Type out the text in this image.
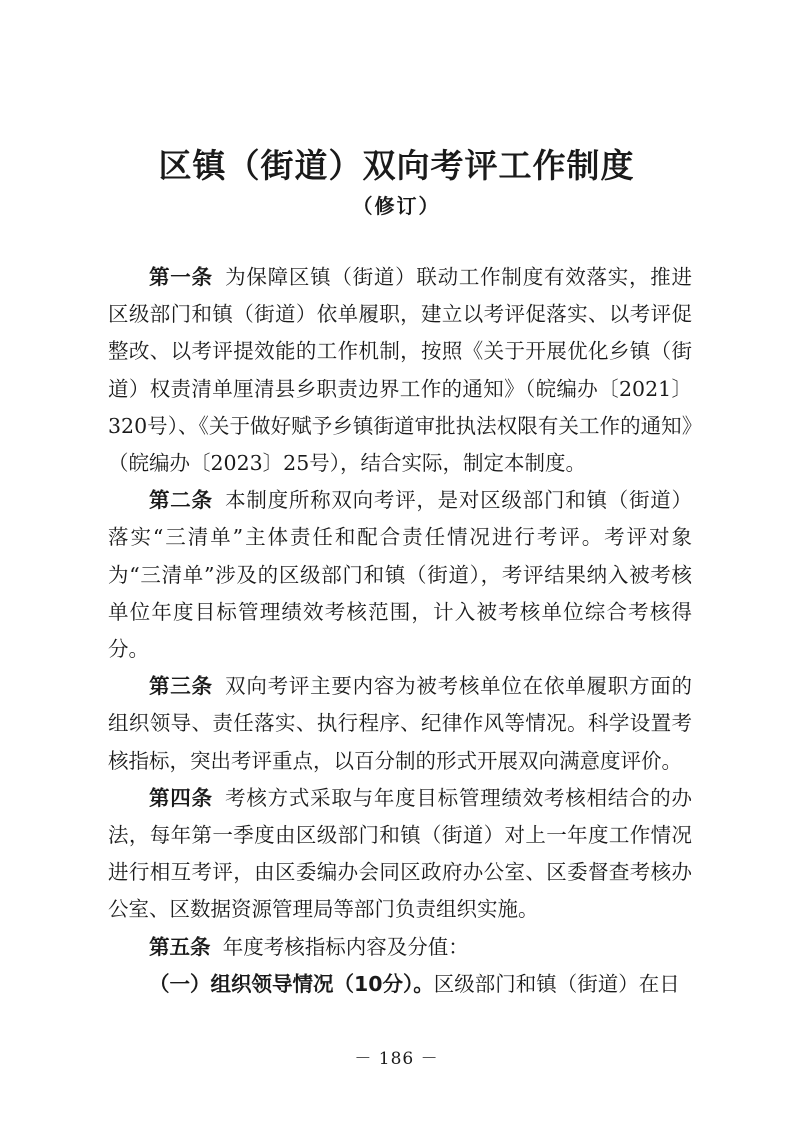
区镇（街道）双向考评工作制度
（修订）

第一条 为保障区镇（街道）联动工作制度有效落实，推进区级部门和镇（街道）依单履职，建立以考评促落实、以考评促整改、以考评提效能的工作机制，按照《关于开展优化乡镇（街道）权责清单厘清县乡职责边界工作的通知》（皖编办〔2021〕320号）、《关于做好赋予乡镇街道审批执法权限有关工作的通知》（皖编办〔2023〕25号），结合实际，制定本制度。

第二条 本制度所称双向考评，是对区级部门和镇（街道）落实“三清单”主体责任和配合责任情况进行考评。考评对象为“三清单”涉及的区级部门和镇（街道），考评结果纳入被考核单位年度目标管理绩效考核范围，计入被考核单位综合考核得分。

第三条 双向考评主要内容为被考核单位在依单履职方面的组织领导、责任落实、执行程序、纪律作风等情况。科学设置考核指标，突出考评重点，以百分制的形式开展双向满意度评价。

第四条 考核方式采取与年度目标管理绩效考核相结合的办法，每年第一季度由区级部门和镇（街道）对上一年度工作情况进行相互考评，由区委编办会同区政府办公室、区委督查考核办公室、区数据资源管理局等部门负责组织实施。

第五条 年度考核指标内容及分值：

（一）组织领导情况（10分）。区级部门和镇（街道）在日

－ 186 －
